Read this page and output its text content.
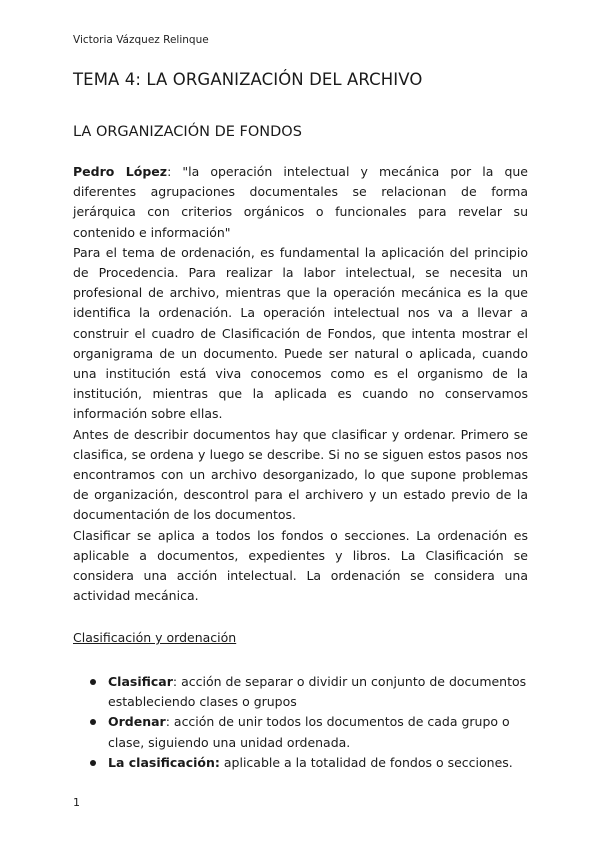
Victoria Vázquez Relinque
TEMA 4: LA ORGANIZACIÓN DEL ARCHIVO
LA ORGANIZACIÓN DE FONDOS

Pedro López: "la operación intelectual y mecánica por la que diferentes agrupaciones documentales se relacionan de forma jerárquica con criterios orgánicos o funcionales para revelar su contenido e información"

Para el tema de ordenación, es fundamental la aplicación del principio de Procedencia. Para realizar la labor intelectual, se necesita un profesional de archivo, mientras que la operación mecánica es la que identifica la ordenación. La operación intelectual nos va a llevar a construir el cuadro de Clasificación de Fondos, que intenta mostrar el organigrama de un documento. Puede ser natural o aplicada, cuando una institución está viva conocemos como es el organismo de la institución, mientras que la aplicada es cuando no conservamos información sobre ellas.

Antes de describir documentos hay que clasificar y ordenar. Primero se clasifica, se ordena y luego se describe. Si no se siguen estos pasos nos encontramos con un archivo desorganizado, lo que supone problemas de organización, descontrol para el archivero y un estado previo de la documentación de los documentos.

Clasificar se aplica a todos los fondos o secciones. La ordenación es aplicable a documentos, expedientes y libros. La Clasificación se considera una acción intelectual. La ordenación se considera una actividad mecánica.

Clasificación y ordenación
Clasificar: acción de separar o dividir un conjunto de documentos estableciendo clases o grupos
Ordenar: acción de unir todos los documentos de cada grupo o clase, siguiendo una unidad ordenada.
La clasificación: aplicable a la totalidad de fondos o secciones.
1
